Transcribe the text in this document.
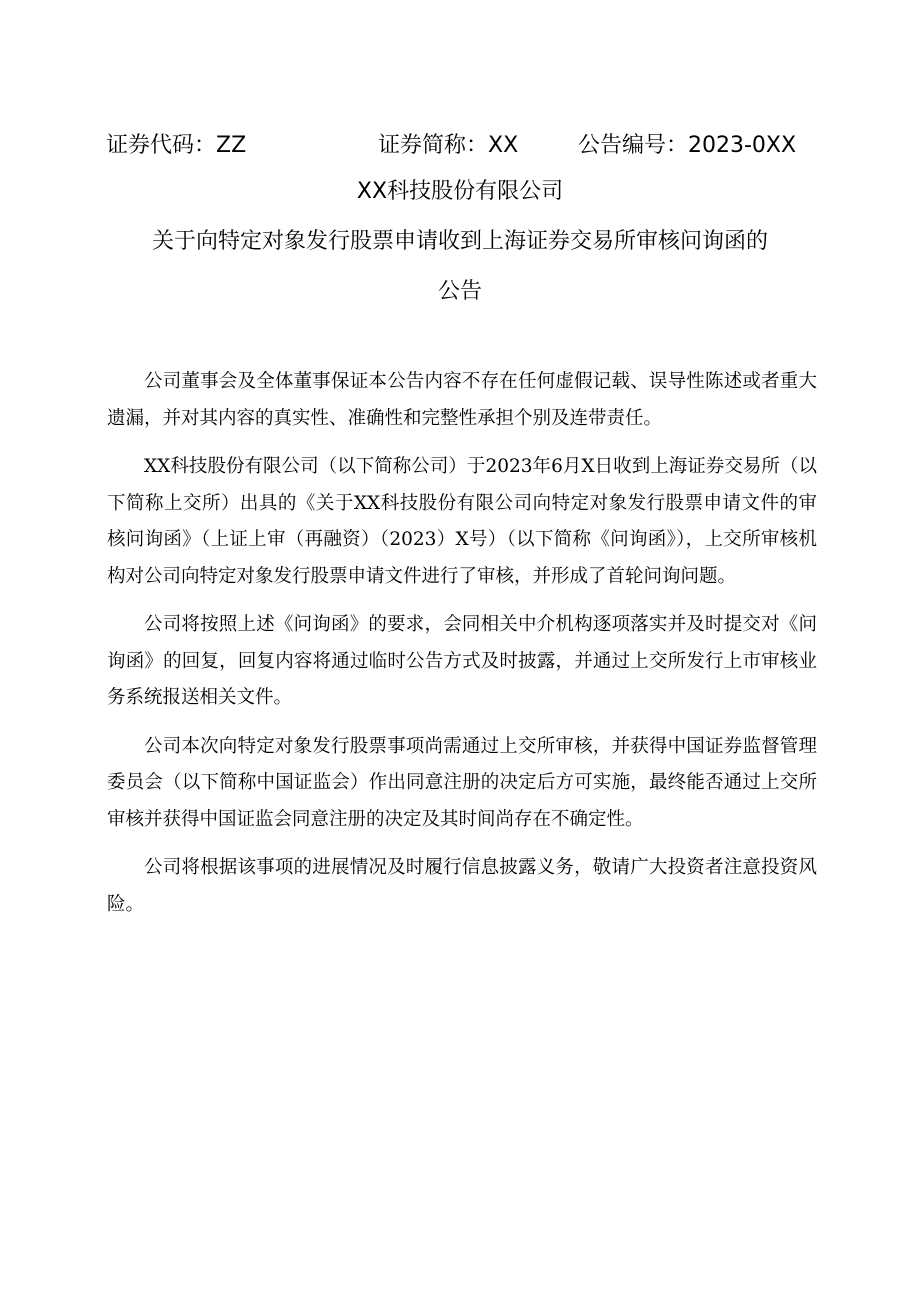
证券代码：ZZ	证券简称：XX	公告编号：2023-0XX
XX科技股份有限公司
关于向特定对象发行股票申请收到上海证券交易所审核问询函的
公告

公司董事会及全体董事保证本公告内容不存在任何虚假记载、误导性陈述或者重大遗漏，并对其内容的真实性、准确性和完整性承担个别及连带责任。

XX科技股份有限公司（以下简称公司）于2023年6月X日收到上海证券交易所（以下简称上交所）出具的《关于XX科技股份有限公司向特定对象发行股票申请文件的审核问询函》（上证上审（再融资）（2023）X号）（以下简称《问询函》），上交所审核机构对公司向特定对象发行股票申请文件进行了审核，并形成了首轮问询问题。

公司将按照上述《问询函》的要求，会同相关中介机构逐项落实并及时提交对《问询函》的回复，回复内容将通过临时公告方式及时披露，并通过上交所发行上市审核业务系统报送相关文件。

公司本次向特定对象发行股票事项尚需通过上交所审核，并获得中国证券监督管理委员会（以下简称中国证监会）作出同意注册的决定后方可实施，最终能否通过上交所审核并获得中国证监会同意注册的决定及其时间尚存在不确定性。

公司将根据该事项的进展情况及时履行信息披露义务，敬请广大投资者注意投资风险。
